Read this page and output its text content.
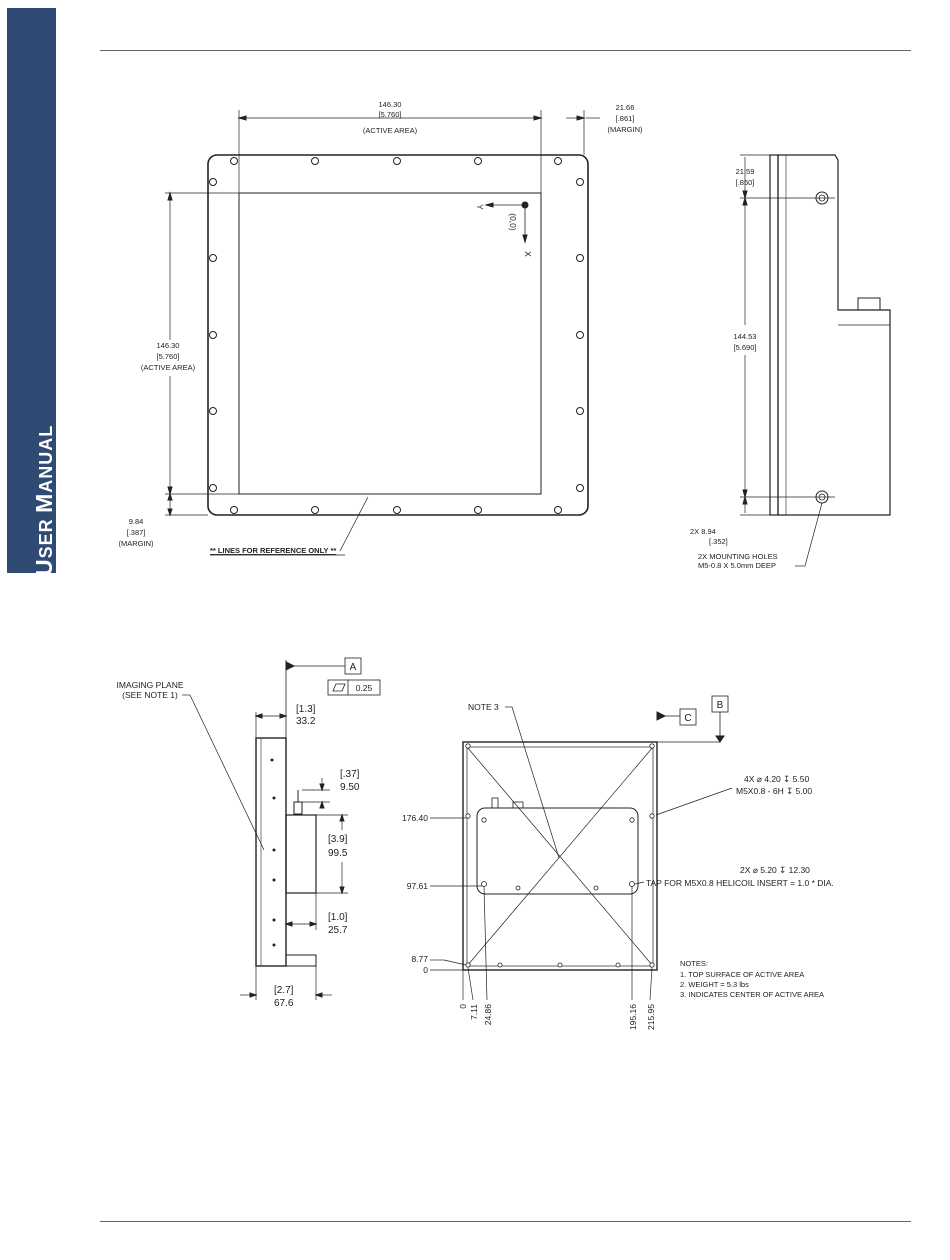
U
SER

M
ANUAL
146.30
[5.760]
(ACTIVE AREA)
21.66
[.861]
(MARGIN)
146.30
[5.760]
(ACTIVE AREA)
9.84
[.387]
(MARGIN)
Y
X
(0,0)
** LINES FOR REFERENCE ONLY **
21.59
[.850]
144.53
[5.690]
2X 8.94
[.352]
2X MOUNTING HOLES
M5-0.8 X 5.0mm DEEP
A
0.25
IMAGING PLANE
(SEE NOTE 1)
[1.3]
33.2
[.37]
9.50
[3.9]
99.5
[1.0]
25.7
[2.7]
67.6
C
B
NOTE 3
4X ⌀ 4.20 ↧ 5.50
M5X0.8 - 6H ↧ 5.00
2X ⌀ 5.20 ↧ 12.30
TAP FOR M5X0.8 HELICOIL INSERT = 1.0 * DIA.
176.40
97.61
8.77
0
0 7.11 24.86	195.16 215.95
NOTES:
1. TOP SURFACE OF ACTIVE AREA
2. WEIGHT = 5.3 lbs
3. INDICATES CENTER OF ACTIVE AREA
